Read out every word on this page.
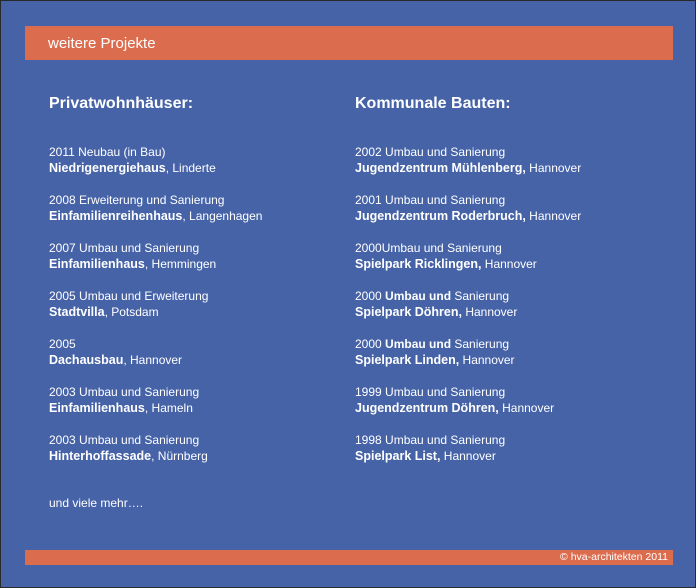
weitere Projekte
Privatwohnhäuser:
2011 Neubau (in Bau)
Niedrigenergiehaus, Linderte
2008 Erweiterung und Sanierung
Einfamilienreihenhaus, Langenhagen
2007 Umbau und Sanierung
Einfamilienhaus, Hemmingen
2005 Umbau und Erweiterung
Stadtvilla, Potsdam
2005
Dachausbau, Hannover
2003 Umbau und Sanierung
Einfamilienhaus, Hameln
2003 Umbau und Sanierung
Hinterhoffassade, Nürnberg
Kommunale Bauten:
2002 Umbau und Sanierung
Jugendzentrum Mühlenberg, Hannover
2001 Umbau und Sanierung
Jugendzentrum Roderbruch, Hannover
2000Umbau und Sanierung
Spielpark Ricklingen, Hannover
2000 Umbau und Sanierung
Spielpark Döhren, Hannover
2000 Umbau und Sanierung
Spielpark Linden, Hannover
1999 Umbau und Sanierung
Jugendzentrum Döhren, Hannover
1998 Umbau und Sanierung
Spielpark List, Hannover
und viele mehr….
© hva-architekten 2011
